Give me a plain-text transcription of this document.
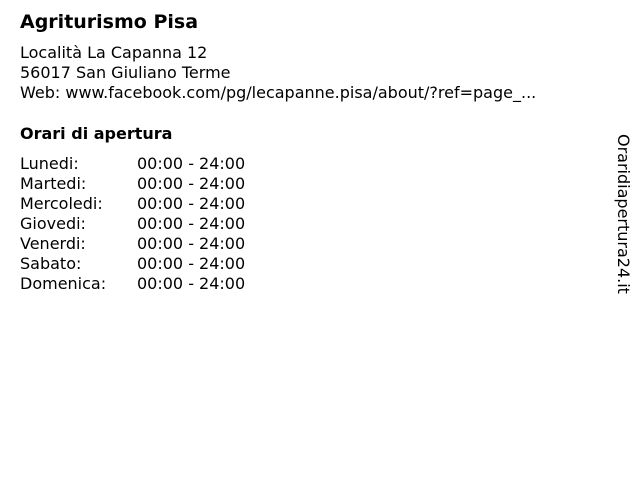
Agriturismo Pisa
Località La Capanna 12
56017 San Giuliano Terme
Web: www.facebook.com/pg/lecapanne.pisa/about/?ref=page_...
Orari di apertura
Lunedi:	00:00 - 24:00
Martedi:	00:00 - 24:00
Mercoledi:	00:00 - 24:00
Giovedi:	00:00 - 24:00
Venerdi:	00:00 - 24:00
Sabato:	00:00 - 24:00
Domenica:	00:00 - 24:00	Oraridiapertura24.it
